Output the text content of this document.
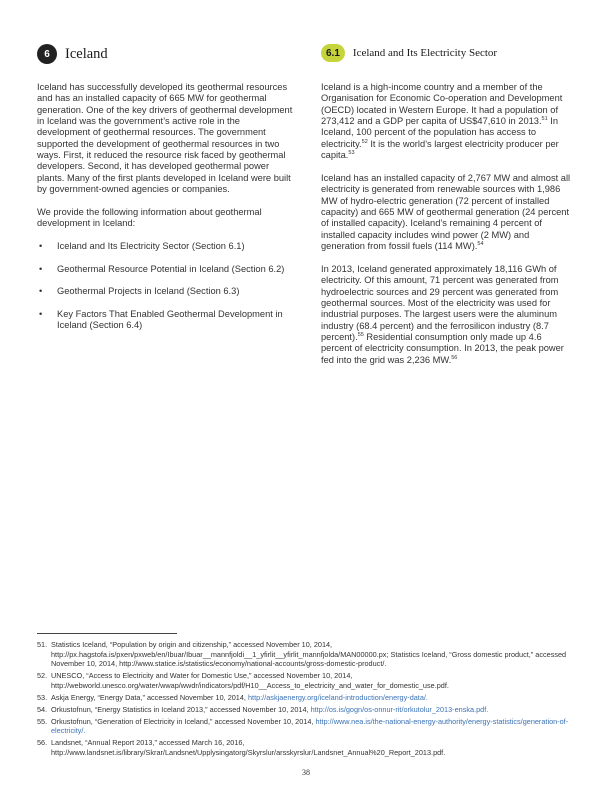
6	Iceland	6.1	Iceland and Its Electricity Sector

Iceland has successfully developed its geothermal resources and has an installed capacity of 665 MW for geothermal generation. One of the key drivers of geothermal development in Iceland was the government’s active role in the development of geothermal resources. The government supported the development of geothermal resources in two ways. First, it reduced the resource risk faced by geothermal developers. Second, it has developed geothermal power plants. Many of the first plants developed in Iceland were built by government-owned agencies or companies.

We provide the following information about geothermal development in Iceland:

• Iceland and Its Electricity Sector (Section 6.1)
• Geothermal Resource Potential in Iceland (Section 6.2)
• Geothermal Projects in Iceland (Section 6.3)
• Key Factors That Enabled Geothermal Development in Iceland (Section 6.4)

Iceland is a high-income country and a member of the Organisation for Economic Co-operation and Development (OECD) located in Western Europe. It had a population of 273,412 and a GDP per capita of US$47,610 in 2013.51 In Iceland, 100 percent of the population has access to electricity.$^{52}$ It is the world’s largest electricity producer per capita.$^{53}$

Iceland has an installed capacity of 2,767 MW and almost all electricity is generated from renewable sources with 1,986 MW of hydro-electric generation (72 percent of installed capacity) and 665 MW of geothermal generation (24 percent of installed capacity). Iceland’s remaining 4 percent of installed capacity includes wind power (2 MW) and generation from fossil fuels (114 MW).$^{54}$

In 2013, Iceland generated approximately 18,116 GWh of electricity. Of this amount, 71 percent was generated from hydroelectric sources and 29 percent was generated from geothermal sources. Most of the electricity was used for industrial purposes. The largest users were the aluminum industry (68.4 percent) and the ferrosilicon industry (8.7 percent).$^{55}$ Residential consumption only made up 4.6 percent of electricity consumption. In 2013, the peak power fed into the grid was 2,236 MW.$^{56}$

51. Statistics Iceland, “Population by origin and citizenship,” accessed November 10, 2014, http://px.hagstofa.is/pxen/pxweb/en/Ibuar/Ibuar__mannfjoldi__1_yfirlit__yfirlit_mannfjolda/MAN00000.px; Statistics Iceland, “Gross domestic product,” accessed November 10, 2014, http://www.statice.is/statistics/economy/national-accounts/gross-domestic-product/.
52. UNESCO, “Access to Electricity and Water for Domestic Use,” accessed November 10, 2014, http://webworld.unesco.org/water/wwap/wwdr/indicators/pdf/H10__Access_to_electricity_and_water_for_domestic_use.pdf.
53. Askja Energy, “Energy Data,” accessed November 10, 2014, http://askjaenergy.org/iceland-introduction/energy-data/.
54. Orkustofnun, “Energy Statistics in Iceland 2013,” accessed November 10, 2014, http://os.is/gogn/os-onnur-rit/orkutolur_2013-enska.pdf.
55. Orkustofnun, “Generation of Electricity in Iceland,” accessed November 10, 2014, http://www.nea.is/the-national-energy-authority/energy-statistics/generation-of-electricity/.
56. Landsnet, “Annual Report 2013,” accessed March 16, 2016, http://www.landsnet.is/library/Skrar/Landsnet/Upplysingatorg/Skyrslur/arsskyrslur/Landsnet_Annual%20_Report_2013.pdf.
38
